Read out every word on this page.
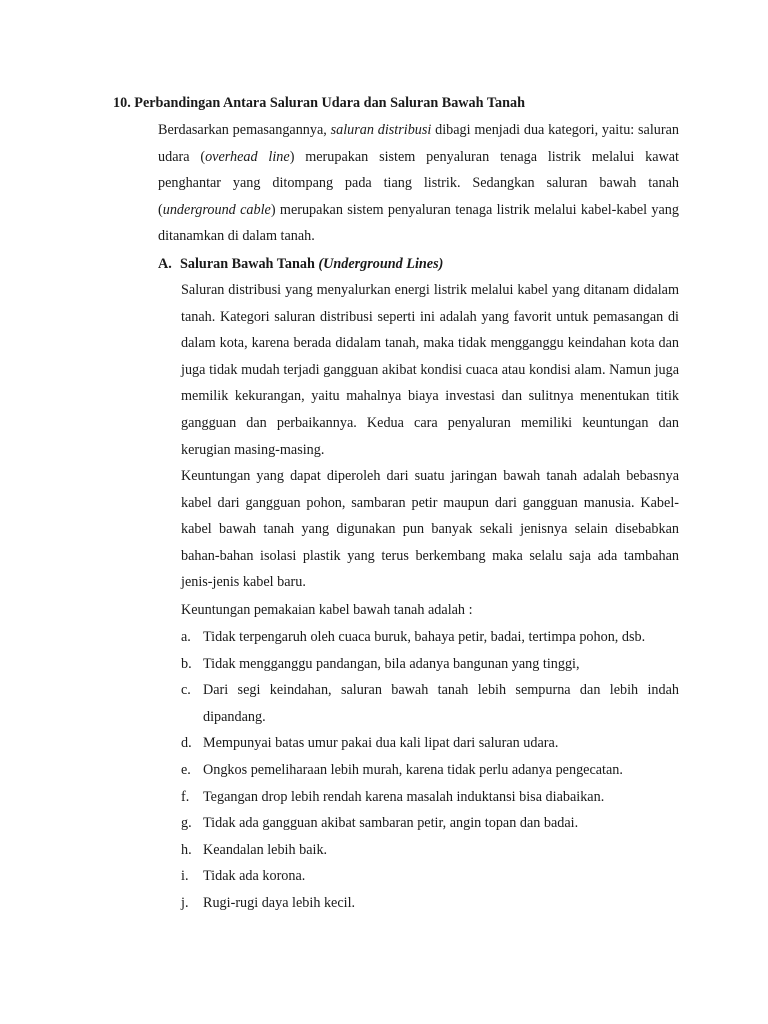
10. Perbandingan Antara Saluran Udara dan Saluran Bawah Tanah

Berdasarkan pemasangannya, saluran distribusi dibagi menjadi dua kategori, yaitu: saluran udara (overhead line) merupakan sistem penyaluran tenaga listrik melalui kawat penghantar yang ditompang pada tiang listrik. Sedangkan saluran bawah tanah (underground cable) merupakan sistem penyaluran tenaga listrik melalui kabel-kabel yang ditanamkan di dalam tanah.

A. Saluran Bawah Tanah (Underground Lines)

Saluran distribusi yang menyalurkan energi listrik melalui kabel yang ditanam didalam tanah. Kategori saluran distribusi seperti ini adalah yang favorit untuk pemasangan di dalam kota, karena berada didalam tanah, maka tidak mengganggu keindahan kota dan juga tidak mudah terjadi gangguan akibat kondisi cuaca atau kondisi alam. Namun juga memilik kekurangan, yaitu mahalnya biaya investasi dan sulitnya menentukan titik gangguan dan perbaikannya. Kedua cara penyaluran memiliki keuntungan dan kerugian masing-masing.

Keuntungan yang dapat diperoleh dari suatu jaringan bawah tanah adalah bebasnya kabel dari gangguan pohon, sambaran petir maupun dari gangguan manusia. Kabel-kabel bawah tanah yang digunakan pun banyak sekali jenisnya selain disebabkan bahan-bahan isolasi plastik yang terus berkembang maka selalu saja ada tambahan jenis-jenis kabel baru.

Keuntungan pemakaian kabel bawah tanah adalah :

a. Tidak terpengaruh oleh cuaca buruk, bahaya petir, badai, tertimpa pohon, dsb.
b. Tidak mengganggu pandangan, bila adanya bangunan yang tinggi,
c. Dari segi keindahan, saluran bawah tanah lebih sempurna dan lebih indah dipandang.
d. Mempunyai batas umur pakai dua kali lipat dari saluran udara.
e. Ongkos pemeliharaan lebih murah, karena tidak perlu adanya pengecatan.
f. Tegangan drop lebih rendah karena masalah induktansi bisa diabaikan.
g. Tidak ada gangguan akibat sambaran petir, angin topan dan badai.
h. Keandalan lebih baik.
i.	Tidak ada korona.
j.	Rugi-rugi daya lebih kecil.
